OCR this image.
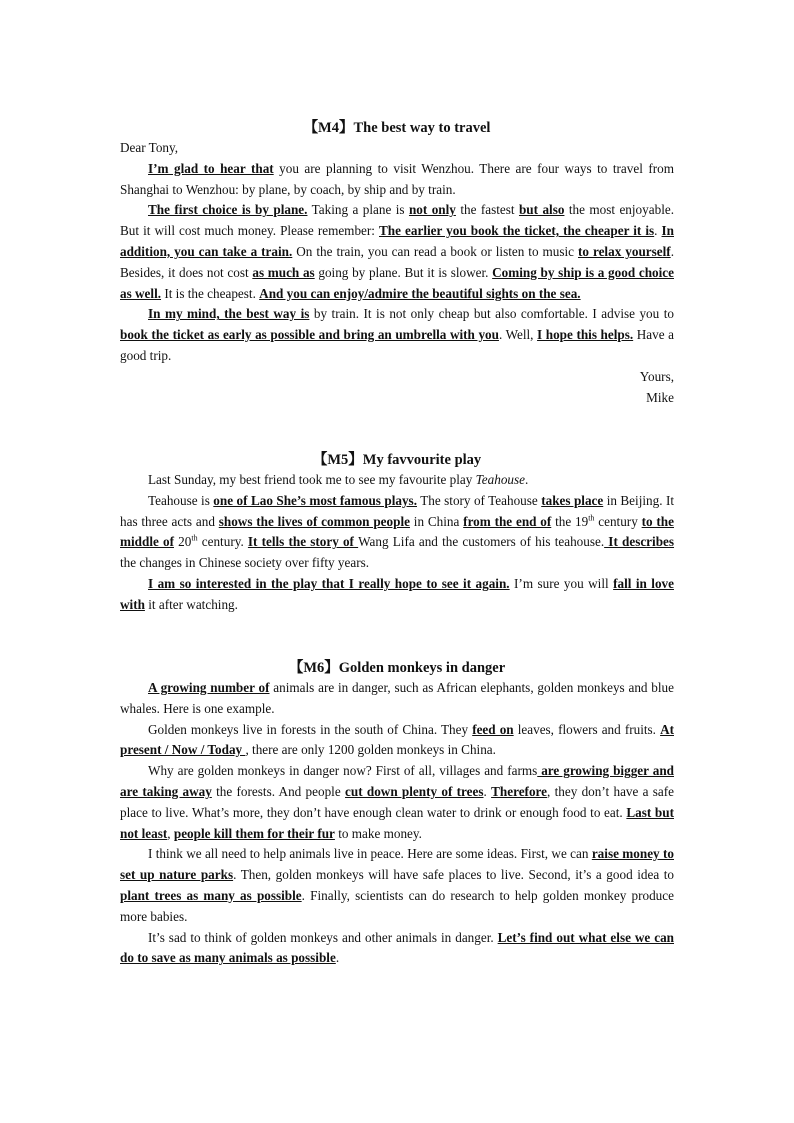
【M4】The best way to travel

Dear Tony,

I’m glad to hear that you are planning to visit Wenzhou. There are four ways to travel from Shanghai to Wenzhou: by plane, by coach, by ship and by train.

The first choice is by plane. Taking a plane is not only the fastest but also the most enjoyable. But it will cost much money. Please remember: The earlier you book the ticket, the cheaper it is. In addition, you can take a train. On the train, you can read a book or listen to music to relax yourself. Besides, it does not cost as much as going by plane. But it is slower. Coming by ship is a good choice as well. It is the cheapest. And you can enjoy/admire the beautiful sights on the sea.

In my mind, the best way is by train. It is not only cheap but also comfortable. I advise you to book the ticket as early as possible and bring an umbrella with you. Well, I hope this helps. Have a good trip.

Yours,

Mike

【M5】My favvourite play

Last Sunday, my best friend took me to see my favourite play Teahouse.

Teahouse is one of Lao She’s most famous plays. The story of Teahouse takes place in Beijing. It has three acts and shows the lives of common people in China from the end of the 19th century to the middle of 20th century. It tells the story of Wang Lifa and the customers of his teahouse. It describes the changes in Chinese society over fifty years.

I am so interested in the play that I really hope to see it again. I’m sure you will fall in love with it after watching.

【M6】Golden monkeys in danger

A growing number of animals are in danger, such as African elephants, golden monkeys and blue whales. Here is one example.

Golden monkeys live in forests in the south of China. They feed on leaves, flowers and fruits. At present / Now / Today , there are only 1200 golden monkeys in China.

Why are golden monkeys in danger now? First of all, villages and farms are growing bigger and are taking away the forests. And people cut down plenty of trees. Therefore, they don’t have a safe place to live. What’s more, they don’t have enough clean water to drink or enough food to eat. Last but not least, people kill them for their fur to make money.

I think we all need to help animals live in peace. Here are some ideas. First, we can raise money to set up nature parks. Then, golden monkeys will have safe places to live. Second, it’s a good idea to plant trees as many as possible. Finally, scientists can do research to help golden monkey produce more babies.

It’s sad to think of golden monkeys and other animals in danger. Let’s find out what else we can do to save as many animals as possible.
